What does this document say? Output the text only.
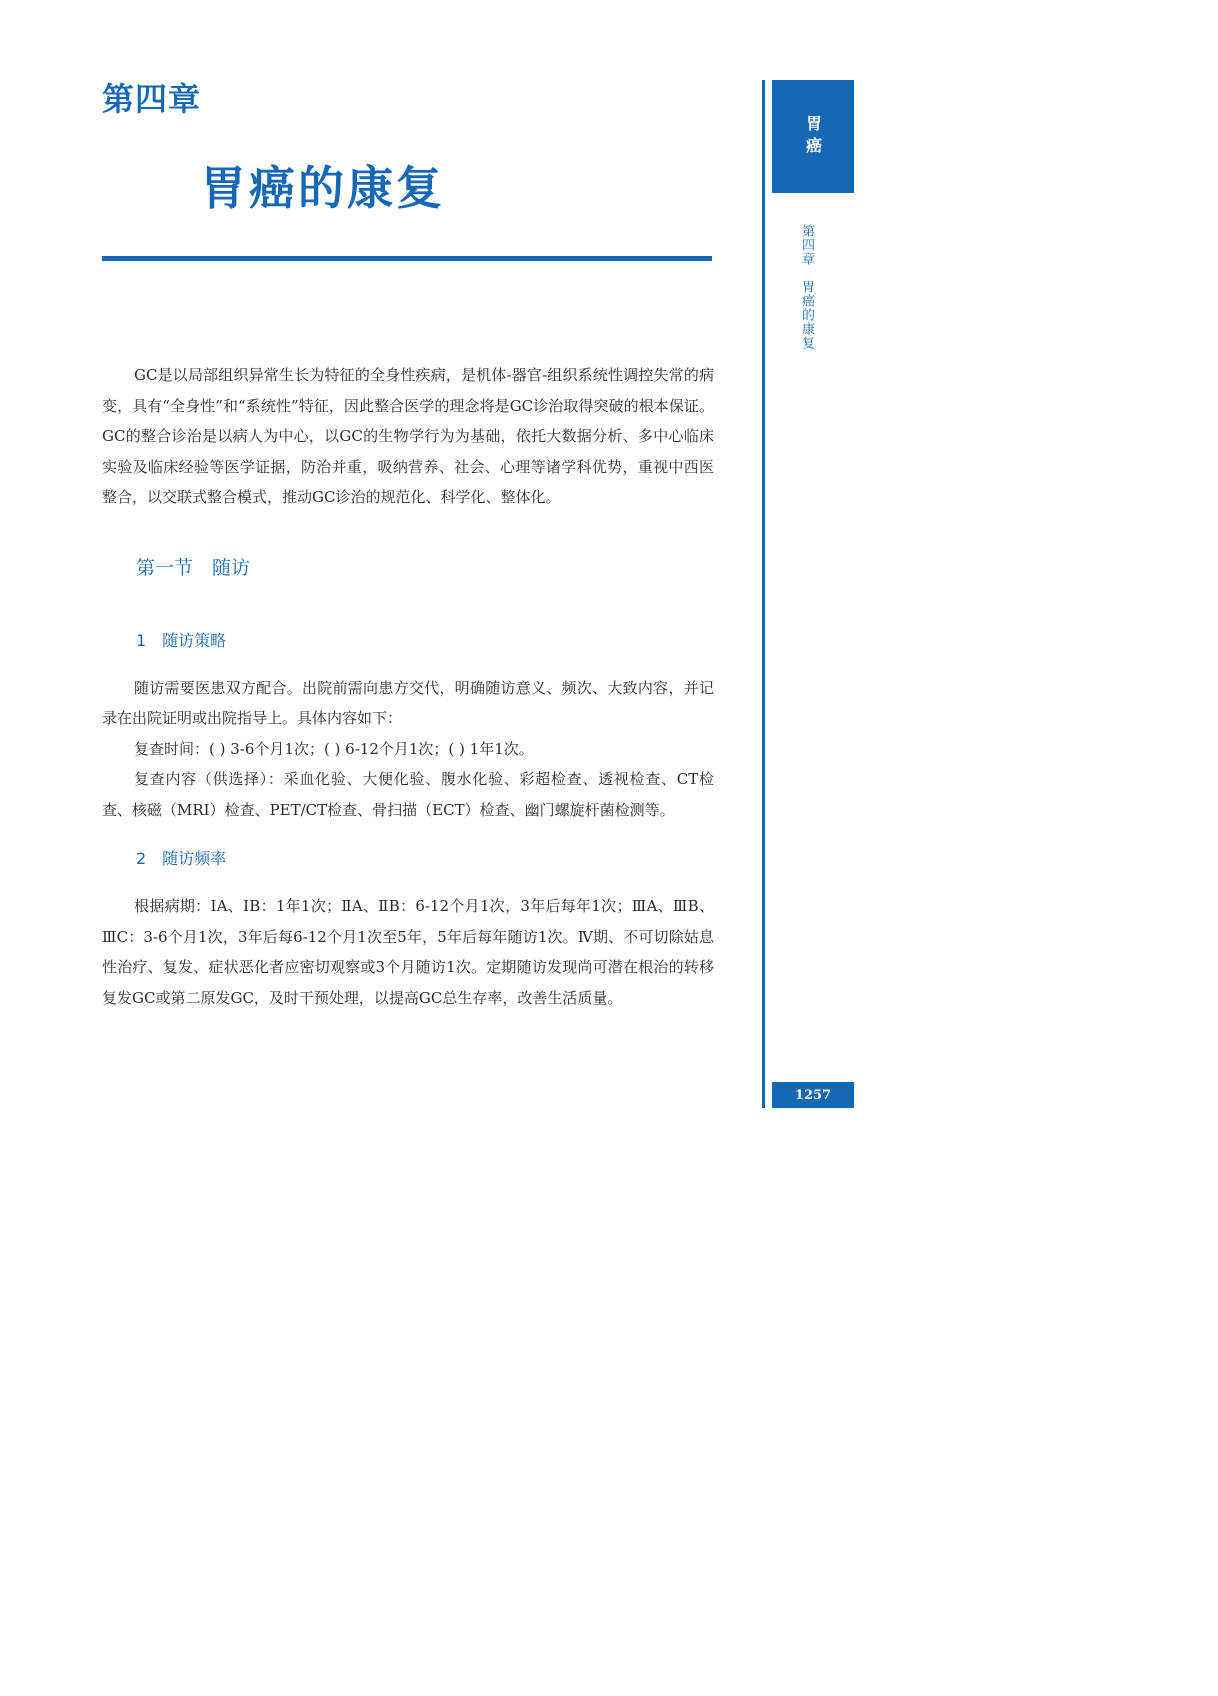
第四章
胃癌的康复

GC是以局部组织异常生长为特征的全身性疾病，是机体-器官-组织系统性调控失常的病变，具有“全身性”和“系统性”特征，因此整合医学的理念将是GC诊治取得突破的根本保证。GC的整合诊治是以病人为中心，以GC的生物学行为为基础，依托大数据分析、多中心临床实验及临床经验等医学证据，防治并重，吸纳营养、社会、心理等诸学科优势，重视中西医整合，以交联式整合模式，推动GC诊治的规范化、科学化、整体化。

第一节　随访
1　随访策略

随访需要医患双方配合。出院前需向患方交代，明确随访意义、频次、大致内容，并记录在出院证明或出院指导上。具体内容如下：

复查时间：( ) 3-6个月1次；( ) 6-12个月1次；( ) 1年1次。

复查内容（供选择）：采血化验、大便化验、腹水化验、彩超检查、透视检查、CT检查、核磁（MRI）检查、PET/CT检查、骨扫描（ECT）检查、幽门螺旋杆菌检测等。

2　随访频率

根据病期：ⅠA、ⅠB：1年1次；ⅡA、ⅡB：6-12个月1次，3年后每年1次；ⅢA、ⅢB、ⅢC：3-6个月1次，3年后每6-12个月1次至5年，5年后每年随访1次。Ⅳ期、不可切除姑息性治疗、复发、症状恶化者应密切观察或3个月随访1次。定期随访发现尚可潜在根治的转移复发GC或第二原发GC，及时干预处理，以提高GC总生存率，改善生活质量。

胃癌
第四章胃癌的康复
1257
